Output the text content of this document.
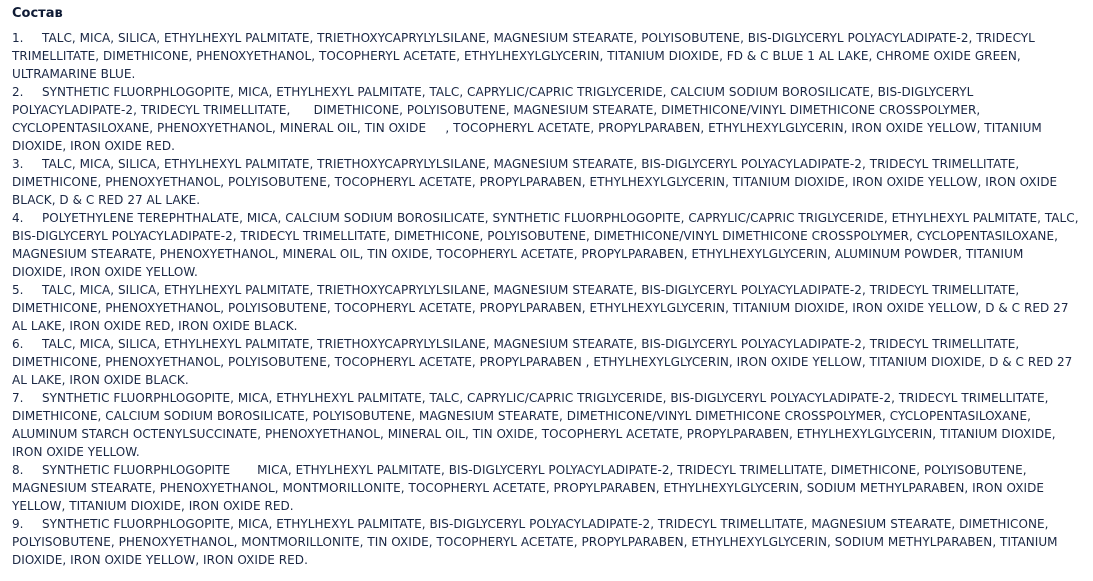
Состав
1. TALC, MICA, SILICA, ETHYLHEXYL PALMITATE, TRIETHOXYCAPRYLYLSILANE, MAGNESIUM STEARATE, POLYISOBUTENE, BIS-DIGLYCERYL POLYACYLADIPATE-2, TRIDECYL TRIMELLITATE, DIMETHICONE, PHENOXYETHANOL, TOCOPHERYL ACETATE, ETHYLHEXYLGLYCERIN, TITANIUM DIOXIDE, FD & C BLUE 1 AL LAKE, CHROME OXIDE GREEN, ULTRAMARINE BLUE.
2. SYNTHETIC FLUORPHLOGOPITE, MICA, ETHYLHEXYL PALMITATE, TALC, CAPRYLIC/CAPRIC TRIGLYCERIDE, CALCIUM SODIUM BOROSILICATE, BIS-DIGLYCERYL POLYACYLADIPATE-2, TRIDECYL TRIMELLITATE,      DIMETHICONE, POLYISOBUTENE, MAGNESIUM STEARATE, DIMETHICONE/VINYL DIMETHICONE CROSSPOLYMER, CYCLOPENTASILOXANE, PHENOXYETHANOL, MINERAL OIL, TIN OXIDE     , TOCOPHERYL ACETATE, PROPYLPARABEN, ETHYLHEXYLGLYCERIN, IRON OXIDE YELLOW, TITANIUM DIOXIDE, IRON OXIDE RED.
3. TALC, MICA, SILICA, ETHYLHEXYL PALMITATE, TRIETHOXYCAPRYLYLSILANE, MAGNESIUM STEARATE, BIS-DIGLYCERYL POLYACYLADIPATE-2, TRIDECYL TRIMELLITATE, DIMETHICONE, PHENOXYETHANOL, POLYISOBUTENE, TOCOPHERYL ACETATE, PROPYLPARABEN, ETHYLHEXYLGLYCERIN, TITANIUM DIOXIDE, IRON OXIDE YELLOW, IRON OXIDE BLACK, D & C RED 27 AL LAKE.
4. POLYETHYLENE TEREPHTHALATE, MICA, CALCIUM SODIUM BOROSILICATE, SYNTHETIC FLUORPHLOGOPITE, CAPRYLIC/CAPRIC TRIGLYCERIDE, ETHYLHEXYL PALMITATE, TALC, BIS-DIGLYCERYL POLYACYLADIPATE-2, TRIDECYL TRIMELLITATE, DIMETHICONE, POLYISOBUTENE, DIMETHICONE/VINYL DIMETHICONE CROSSPOLYMER, CYCLOPENTASILOXANE, MAGNESIUM STEARATE, PHENOXYETHANOL, MINERAL OIL, TIN OXIDE, TOCOPHERYL ACETATE, PROPYLPARABEN, ETHYLHEXYLGLYCERIN, ALUMINUM POWDER, TITANIUM DIOXIDE, IRON OXIDE YELLOW.
5. TALC, MICA, SILICA, ETHYLHEXYL PALMITATE, TRIETHOXYCAPRYLYLSILANE, MAGNESIUM STEARATE, BIS-DIGLYCERYL POLYACYLADIPATE-2, TRIDECYL TRIMELLITATE, DIMETHICONE, PHENOXYETHANOL, POLYISOBUTENE, TOCOPHERYL ACETATE, PROPYLPARABEN, ETHYLHEXYLGLYCERIN, TITANIUM DIOXIDE, IRON OXIDE YELLOW, D & C RED 27 AL LAKE, IRON OXIDE RED, IRON OXIDE BLACK.
6. TALC, MICA, SILICA, ETHYLHEXYL PALMITATE, TRIETHOXYCAPRYLYLSILANE, MAGNESIUM STEARATE, BIS-DIGLYCERYL POLYACYLADIPATE-2, TRIDECYL TRIMELLITATE, DIMETHICONE, PHENOXYETHANOL, POLYISOBUTENE, TOCOPHERYL ACETATE, PROPYLPARABEN , ETHYLHEXYLGLYCERIN, IRON OXIDE YELLOW, TITANIUM DIOXIDE, D & C RED 27 AL LAKE, IRON OXIDE BLACK.
7. SYNTHETIC FLUORPHLOGOPITE, MICA, ETHYLHEXYL PALMITATE, TALC, CAPRYLIC/CAPRIC TRIGLYCERIDE, BIS-DIGLYCERYL POLYACYLADIPATE-2, TRIDECYL TRIMELLITATE, DIMETHICONE, CALCIUM SODIUM BOROSILICATE, POLYISOBUTENE, MAGNESIUM STEARATE, DIMETHICONE/VINYL DIMETHICONE CROSSPOLYMER, CYCLOPENTASILOXANE, ALUMINUM STARCH OCTENYLSUCCINATE, PHENOXYETHANOL, MINERAL OIL, TIN OXIDE, TOCOPHERYL ACETATE, PROPYLPARABEN, ETHYLHEXYLGLYCERIN, TITANIUM DIOXIDE, IRON OXIDE YELLOW.
8. SYNTHETIC FLUORPHLOGOPITE       MICA, ETHYLHEXYL PALMITATE, BIS-DIGLYCERYL POLYACYLADIPATE-2, TRIDECYL TRIMELLITATE, DIMETHICONE, POLYISOBUTENE, MAGNESIUM STEARATE, PHENOXYETHANOL, MONTMORILLONITE, TOCOPHERYL ACETATE, PROPYLPARABEN, ETHYLHEXYLGLYCERIN, SODIUM METHYLPARABEN, IRON OXIDE YELLOW, TITANIUM DIOXIDE, IRON OXIDE RED.
9. SYNTHETIC FLUORPHLOGOPITE, MICA, ETHYLHEXYL PALMITATE, BIS-DIGLYCERYL POLYACYLADIPATE-2, TRIDECYL TRIMELLITATE, MAGNESIUM STEARATE, DIMETHICONE, POLYISOBUTENE, PHENOXYETHANOL, MONTMORILLONITE, TIN OXIDE, TOCOPHERYL ACETATE, PROPYLPARABEN, ETHYLHEXYLGLYCERIN, SODIUM METHYLPARABEN, TITANIUM DIOXIDE, IRON OXIDE YELLOW, IRON OXIDE RED.
